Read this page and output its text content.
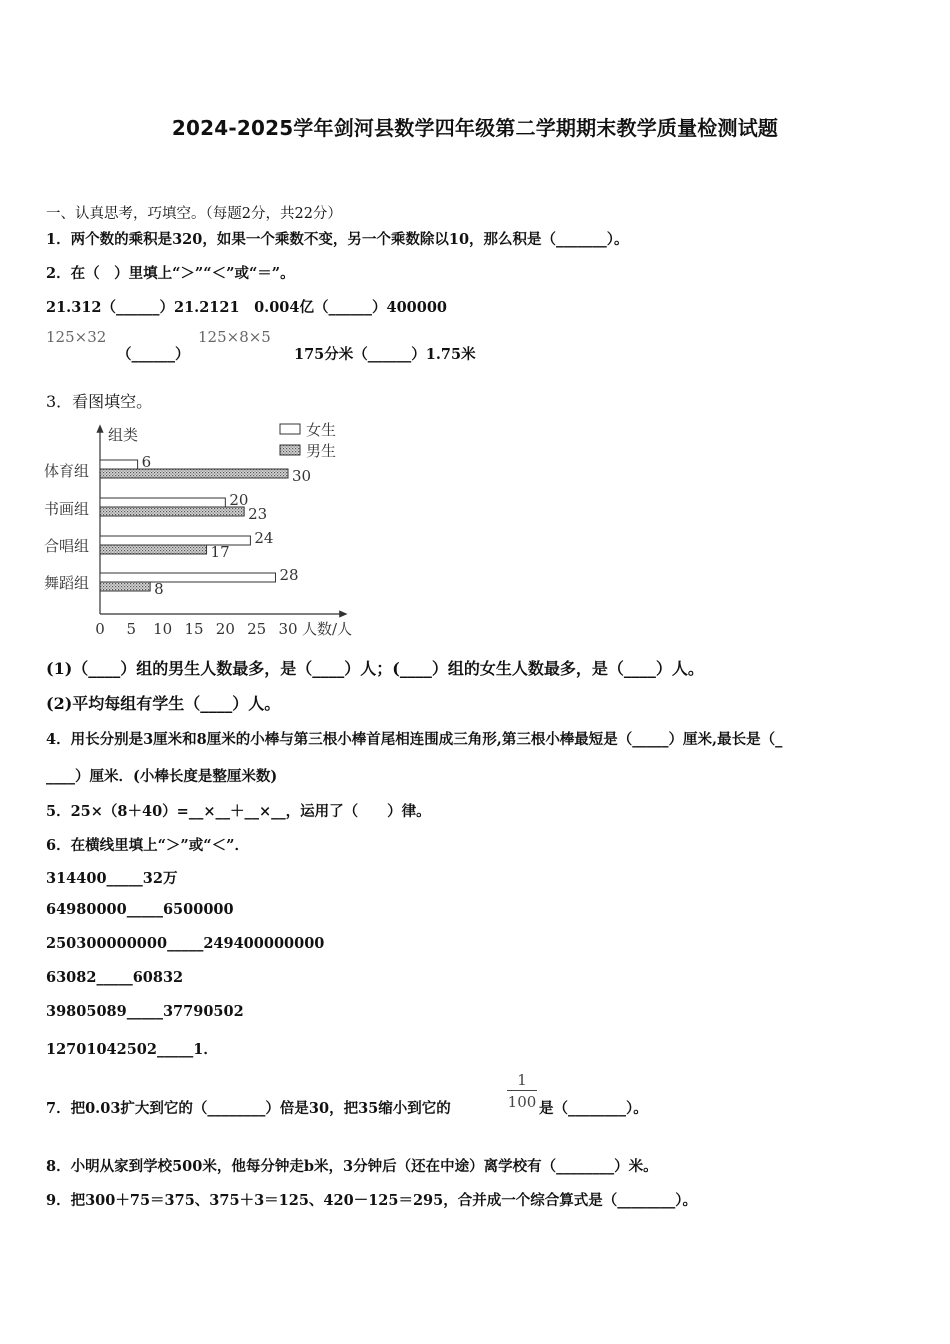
2024-2025学年剑河县数学四年级第二学期期末教学质量检测试题
一、认真思考，巧填空。（每题2分，共22分）
1．两个数的乘积是320，如果一个乘数不变，另一个乘数除以10，那么积是（_______）。
2．在（　）里填上“＞”“＜”或“＝”。
21.312（______）21.2121　0.004亿（______）400000
125×32
（______）
125×8×5
175分米（______）1.75米
3．看图填空。
组类
人数/人
女生
男生
体育组
书画组
合唱组
舞蹈组
6
30
20
23
24
17
28
8
0 5 10 15 20 25 30
(1)（____）组的男生人数最多，是（____）人；(____）组的女生人数最多，是（____）人。
(2)平均每组有学生（____）人。
4．用长分别是3厘米和8厘米的小棒与第三根小棒首尾相连围成三角形,第三根小棒最短是（_____）厘米,最长是（_
____）厘米．(小棒长度是整厘米数)
5．25×（8＋40）=__×__＋__×__，运用了（　　）律。
6．在横线里填上“＞”或“＜”．
314400_____32万
64980000_____6500000
250300000000_____249400000000
63082_____60832
39805089_____37790502
12701042502_____1．
7．把0.03扩大到它的（________）倍是30，把35缩小到它的
1
100 是（________）。
8．小明从家到学校500米，他每分钟走b米，3分钟后（还在中途）离学校有（________）米。
9．把300＋75＝375、375＋3＝125、420－125＝295，合并成一个综合算式是（________）。
